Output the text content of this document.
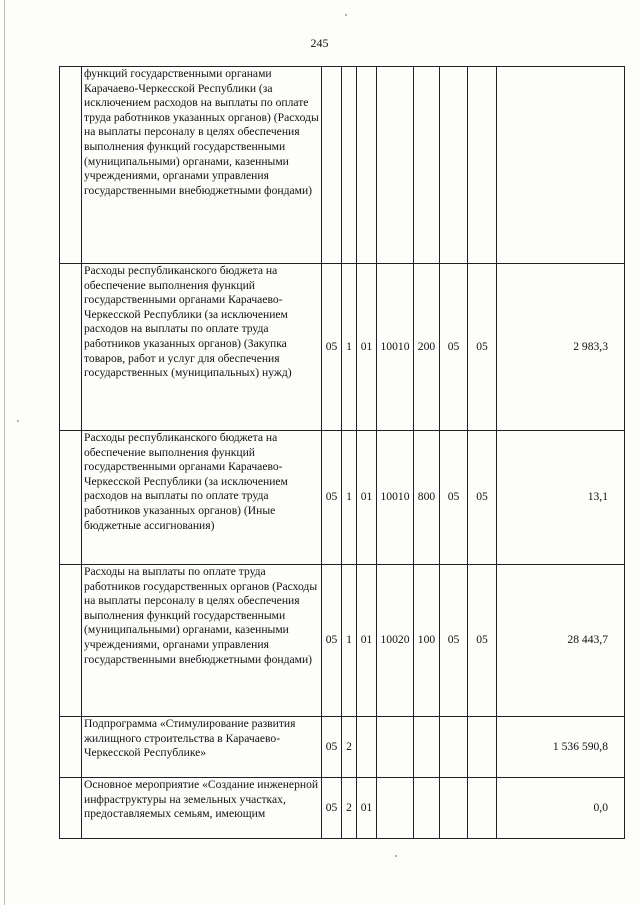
245
	функций государственными органами Карачаево-Черкесской Республики (за исключением расходов на выплаты по оплате труда работников указанных органов) (Расходы на выплаты персоналу в целях обеспечения выполнения функций государственными (муниципальными) органами, казенными учреждениями, органами управления государственными внебюджетными фондами)								
	Расходы республиканского бюджета на обеспечение выполнения функций государственными органами Карачаево-Черкесской Республики (за исключением расходов на выплаты по оплате труда работников указанных органов) (Закупка товаров, работ и услуг для обеспечения государственных (муниципальных) нужд)	05	1	01	10010	200	05	05	2 983,3
	Расходы республиканского бюджета на обеспечение выполнения функций государственными органами Карачаево-Черкесской Республики (за исключением расходов на выплаты по оплате труда работников указанных органов) (Иные бюджетные ассигнования)	05	1	01	10010	800	05	05	13,1
	Расходы на выплаты по оплате труда работников государственных органов (Расходы на выплаты персоналу в целях обеспечения выполнения функций государственными (муниципальными) органами, казенными учреждениями, органами управления государственными внебюджетными фондами)	05	1	01	10020	100	05	05	28 443,7
	Подпрограмма «Стимулирование развития жилищного строительства в Карачаево-Черкесской Республике»	05	2						1 536 590,8
	Основное мероприятие «Создание инженерной инфраструктуры на земельных участках, предоставляемых семьям, имеющим	05	2	01					0,0
